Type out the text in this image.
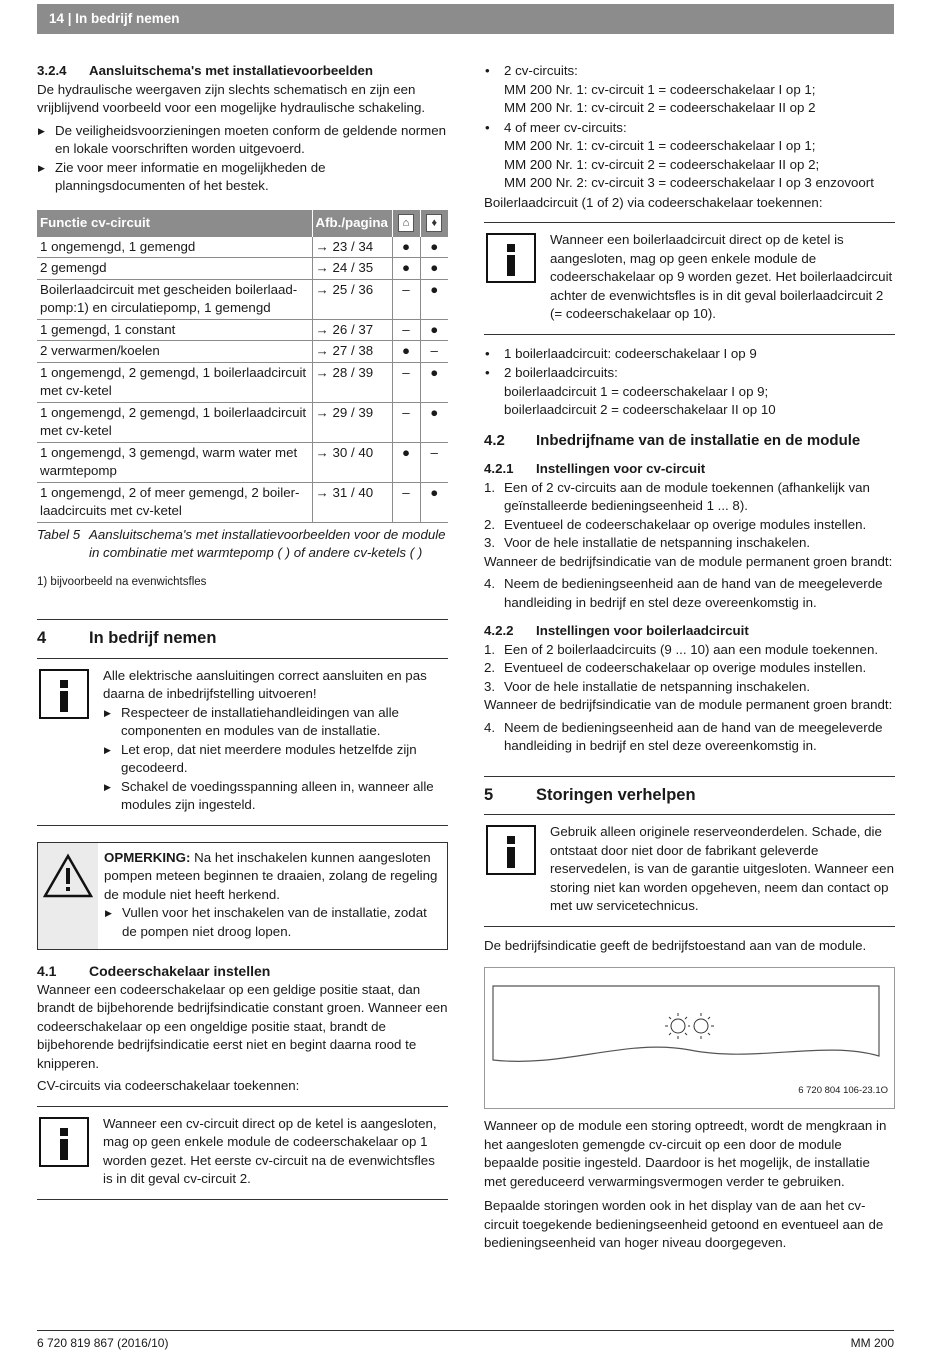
14 | In bedrijf nemen
3.2.4	Aansluitschema's met installatievoorbeelden

De hydraulische weergaven zijn slechts schematisch en zijn een vrijblijvend voorbeeld voor een mogelijke hydraulische schakeling.

▶ De veiligheidsvoorzieningen moeten conform de geldende normen en lokale voorschriften worden uitgevoerd.
▶ Zie voor meer informatie en mogelijkheden de planningsdocumenten of het bestek.
Functie cv-circuit	Afb./pagina	⌂	♦
1 ongemengd, 1 gemengd	→ 23 / 34	●	●
2 gemengd	→ 24 / 35	●	●
Boilerlaadcircuit met gescheiden boilerlaad-pomp:1) en circulatiepomp, 1 gemengd	→ 25 / 36	–	●
1 gemengd, 1 constant	→ 26 / 37	–	●
2 verwarmen/koelen	→ 27 / 38	●	–
1 ongemengd, 2 gemengd, 1 boilerlaadcircuit met cv-ketel	→ 28 / 39	–	●
1 ongemengd, 2 gemengd, 1 boilerlaadcircuit met cv-ketel	→ 29 / 39	–	●
1 ongemengd, 3 gemengd, warm water met warmtepomp	→ 30 / 40	●	–
1 ongemengd, 2 of meer gemengd, 2 boiler-laadcircuits met cv-ketel	→ 31 / 40	–	●
Tabel 5 Aansluitschema's met installatievoorbeelden voor de module in combinatie met warmtepomp ( ) of andere cv-ketels ( )
1) bijvoorbeeld na evenwichtsfles
4	In bedrijf nemen
Alle elektrische aansluitingen correct aansluiten en pas daarna de inbedrijfstelling uitvoeren!
▶ Respecteer de installatiehandleidingen van alle componenten en modules van de installatie.
▶ Let erop, dat niet meerdere modules hetzelfde zijn gecodeerd.
▶ Schakel de voedingsspanning alleen in, wanneer alle modules zijn ingesteld.
OPMERKING: Na het inschakelen kunnen aangesloten pompen meteen beginnen te draaien, zolang de regeling de module niet heeft herkend.
▶ Vullen voor het inschakelen van de installatie, zodat de pompen niet droog lopen.
4.1	Codeerschakelaar instellen

Wanneer een codeerschakelaar op een geldige positie staat, dan brandt de bijbehorende bedrijfsindicatie constant groen. Wanneer een codeerschakelaar op een ongeldige positie staat, brandt de bijbehorende bedrijfsindicatie eerst niet en begint daarna rood te knipperen.

CV-circuits via codeerschakelaar toekennen:

Wanneer een cv-circuit direct op de ketel is aangesloten, mag op geen enkele module de codeerschakelaar op 1 worden gezet. Het eerste cv-circuit na de evenwichtsfles is in dit geval cv-circuit 2.
• 2 cv-circuits:
MM 200 Nr. 1: cv-circuit 1 = codeerschakelaar I op 1;
MM 200 Nr. 1: cv-circuit 2 = codeerschakelaar II op 2
• 4 of meer cv-circuits:
MM 200 Nr. 1: cv-circuit 1 = codeerschakelaar I op 1;
MM 200 Nr. 1: cv-circuit 2 = codeerschakelaar II op 2;
MM 200 Nr. 2: cv-circuit 3 = codeerschakelaar I op 3 enzovoort

Boilerlaadcircuit (1 of 2) via codeerschakelaar toekennen:

Wanneer een boilerlaadcircuit direct op de ketel is aangesloten, mag op geen enkele module de codeerschakelaar op 9 worden gezet. Het boilerlaadcircuit achter de evenwichtsfles is in dit geval boilerlaadcircuit 2 (= codeerschakelaar op 10).
• 1 boilerlaadcircuit: codeerschakelaar I op 9
• 2 boilerlaadcircuits:
boilerlaadcircuit 1 = codeerschakelaar I op 9;
boilerlaadcircuit 2 = codeerschakelaar II op 10
4.2	Inbedrijfname van de installatie en de module
4.2.1	Instellingen voor cv-circuit
1. Een of 2 cv-circuits aan de module toekennen (afhankelijk van geïnstalleerde bedieningseenheid 1 ... 8).
2. Eventueel de codeerschakelaar op overige modules instellen.
3. Voor de hele installatie de netspanning inschakelen.

Wanneer de bedrijfsindicatie van de module permanent groen brandt:

4. Neem de bedieningseenheid aan de hand van de meegeleverde handleiding in bedrijf en stel deze overeenkomstig in.
4.2.2	Instellingen voor boilerlaadcircuit
1. Een of 2 boilerlaadcircuits (9 ... 10) aan een module toekennen.
2. Eventueel de codeerschakelaar op overige modules instellen.
3. Voor de hele installatie de netspanning inschakelen.

Wanneer de bedrijfsindicatie van de module permanent groen brandt:

4. Neem de bedieningseenheid aan de hand van de meegeleverde handleiding in bedrijf en stel deze overeenkomstig in.
5	Storingen verhelpen
Gebruik alleen originele reserveonderdelen. Schade, die ontstaat door niet door de fabrikant geleverde reservedelen, is van de garantie uitgesloten. Wanneer een storing niet kan worden opgeheven, neem dan contact op met uw servicetechnicus.

De bedrijfsindicatie geeft de bedrijfstoestand aan van de module.

6 720 804 106-23.1O

Wanneer op de module een storing optreedt, wordt de mengkraan in het aangesloten gemengde cv-circuit op een door de module bepaalde positie ingesteld. Daardoor is het mogelijk, de installatie met gereduceerd verwarmingsvermogen verder te gebruiken.

Bepaalde storingen worden ook in het display van de aan het cv-circuit toegekende bedieningseenheid getoond en eventueel aan de bedieningseenheid van hoger niveau doorgegeven.

6 720 819 867 (2016/10)	MM 200
